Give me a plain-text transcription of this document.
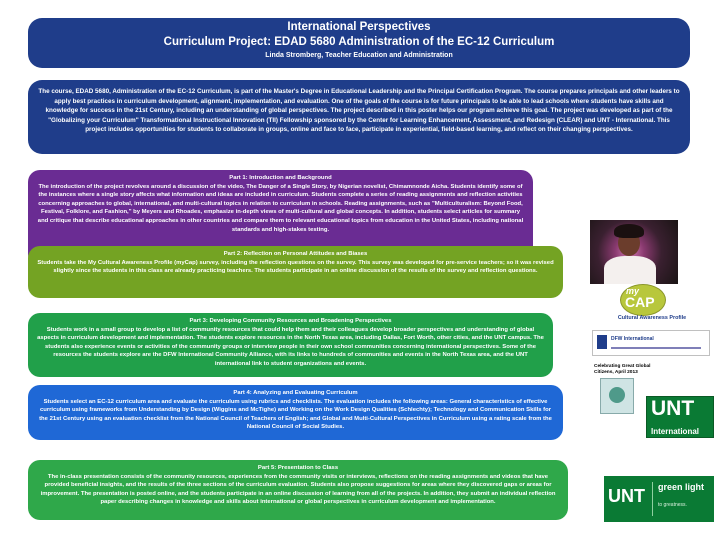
International Perspectives
Curriculum Project: EDAD 5680 Administration of the EC-12 Curriculum
Linda Stromberg, Teacher Education and Administration
The course, EDAD 5680, Administration of the EC-12 Curriculum, is part of the Master's Degree in Educational Leadership and the Principal Certification Program. The course prepares principals and other leaders to apply best practices in curriculum development, alignment, implementation, and evaluation. One of the goals of the course is for future principals to be able to lead schools where students have skills and knowledge for success in the 21st Century, including an understanding of global perspectives. The project described in this poster helps our program achieve this goal. The project was developed as part of the "Globalizing your Curriculum" Transformational Instructional Innovation (TII) Fellowship sponsored by the Center for Learning Enhancement, Assessment, and Redesign (CLEAR) and UNT - International. This project includes opportunities for students to collaborate in groups, online and face to face, participate in experiential, field-based learning, and reflect on their changing perspectives.
Part 1: Introduction and Background
The introduction of the project revolves around a discussion of the video, The Danger of a Single Story, by Nigerian novelist, Chimamnonde Aicha. Students identify some of the instances where a single story affects what information and ideas are included in curriculum. Students complete a series of reading assignments and reflection activities concerning approaches to global, international, and multi-cultural topics in relation to curriculum in schools. Reading assignments, such as "Multiculturalism: Beyond Food, Festival, Folklore, and Fashion," by Meyers and Rhoades, emphasize in-depth views of multi-cultural and global concepts. In addition, students select articles for summary and critique that describe educational approaches in other countries and compare them to relevant educational topics from education in the United States, including national standards and high-stakes testing.
Part 2: Reflection on Personal Attitudes and Biases
Students take the My Cultural Awareness Profile (myCap) survey, including the reflection questions on the survey. This survey was developed for pre-service teachers; so it was revised slightly since the students in this class are already practicing teachers. The students participate in an online discussion of the results of the survey and reflection questions.
Part 3: Developing Community Resources and Broadening Perspectives
Students work in a small group to develop a list of community resources that could help them and their colleagues develop broader perspectives and understanding of global aspects in curriculum development and implementation. The students explore resources in the North Texas area, including Dallas, Fort Worth, other cities, and the UNT campus. The students also experience events or activities of the community groups or interview people in their own school communities concerning international perspectives. Some of the resources the students explore are the DFW International Community Alliance, with its links to hundreds of communities and events in the North Texas area, and the UNT international link to student organizations and events.
Part 4: Analyzing and Evaluating Curriculum
Students select an EC-12 curriculum area and evaluate the curriculum using rubrics and checklists. The evaluation includes the following areas: General characteristics of effective curriculum using frameworks from Understanding by Design (Wiggins and McTighe) and Working on the Work Design Qualities (Schlechty); Technology and Communication Skills for the 21st Century using an evaluation checklist from the National Council of Teachers of English; and Global and Multi-Cultural Perspectives in Curriculum using a rating scale from the National Council of Social Studies.
Part 5: Presentation to Class
The in-class presentation consists of the community resources, experiences from the community visits or interviews, reflections on the reading assignments and videos that have provided beneficial insights, and the results of the three sections of the curriculum evaluation. Students also propose suggestions for areas where they discovered gaps or areas for improvement. The presentation is posted online, and the students participate in an online discussion of learning from all of the projects. In addition, they submit an individual reflection paper describing changes in knowledge and skills about international or global perspectives in curriculum development and implementation.
my
CAP
Cultural Awareness Profile
DFW International
Celebrating Great Global Citizens, April 2013
UNT
International
UNT green light
to greatness.
